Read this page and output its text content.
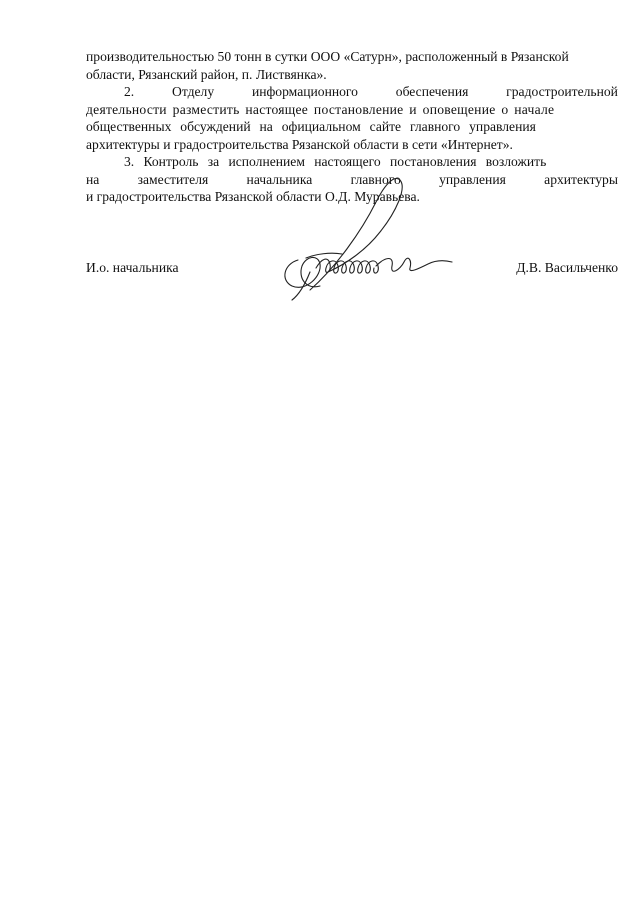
производительностью 50 тонн в сутки ООО «Сатурн», расположенный в Рязанской
области, Рязанский район, п. Листвянка».

2.	Отделу	информационного	обеспечения	градостроительной
деятельности разместить настоящее постановление и оповещение о начале
общественных обсуждений на официальном сайте главного управления
архитектуры и градостроительства Рязанской области в сети «Интернет».

3. Контроль за исполнением настоящего постановления возложить
на	заместителя	начальника	главного	управления	архитектуры
и градостроительства Рязанской области О.Д. Муравьева.

И.о. начальника	Д.В. Васильченко
